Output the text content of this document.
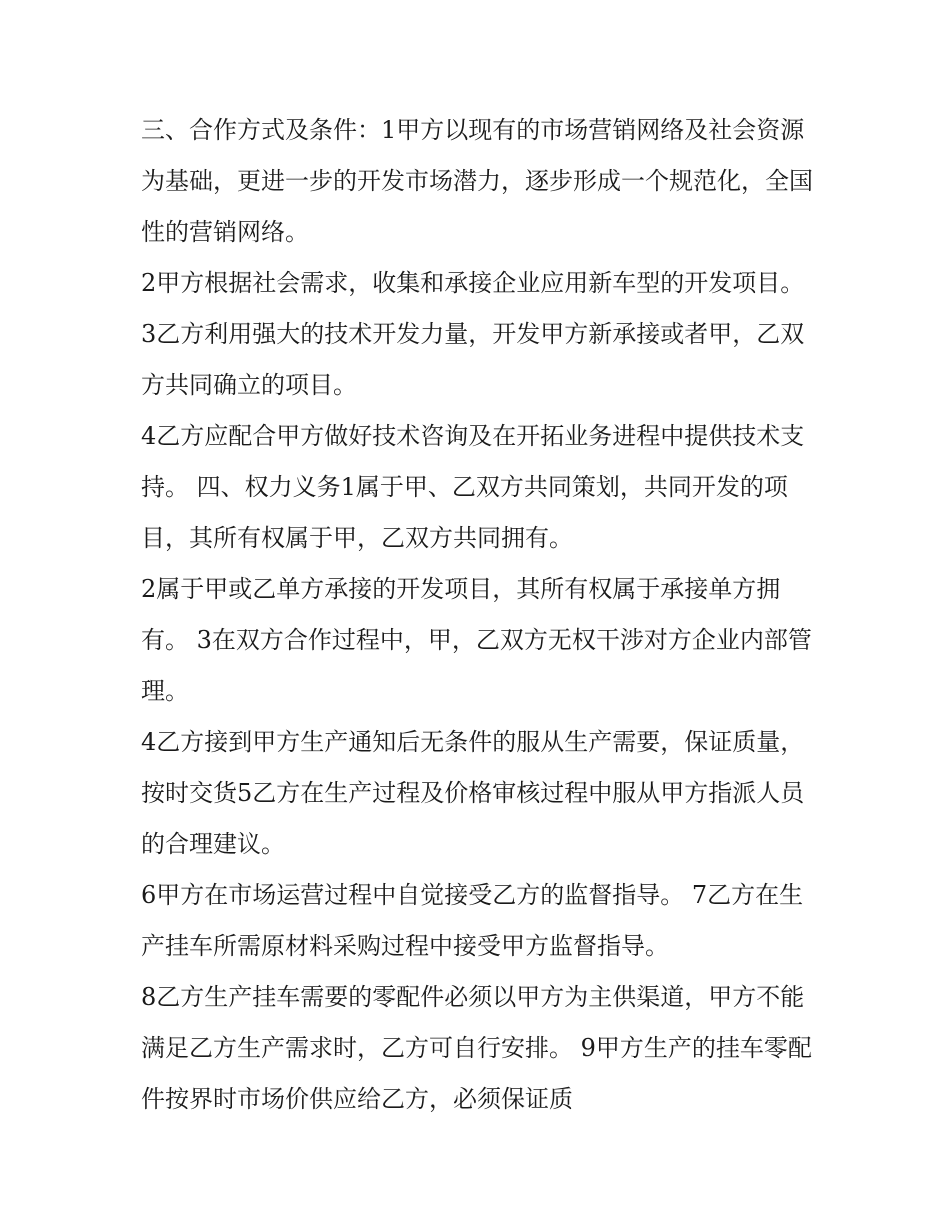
三、合作方式及条件：1甲方以现有的市场营销网络及社会资源为基础，更进一步的开发市场潜力，逐步形成一个规范化，全国性的营销网络。

2甲方根据社会需求，收集和承接企业应用新车型的开发项目。 3乙方利用强大的技术开发力量，开发甲方新承接或者甲，乙双方共同确立的项目。

4乙方应配合甲方做好技术咨询及在开拓业务进程中提供技术支持。 四、权力义务1属于甲、乙双方共同策划，共同开发的项目，其所有权属于甲，乙双方共同拥有。

2属于甲或乙单方承接的开发项目，其所有权属于承接单方拥有。 3在双方合作过程中，甲，乙双方无权干涉对方企业内部管理。

4乙方接到甲方生产通知后无条件的服从生产需要，保证质量，按时交货5乙方在生产过程及价格审核过程中服从甲方指派人员的合理建议。

6甲方在市场运营过程中自觉接受乙方的监督指导。 7乙方在生产挂车所需原材料采购过程中接受甲方监督指导。

8乙方生产挂车需要的零配件必须以甲方为主供渠道，甲方不能满足乙方生产需求时，乙方可自行安排。 9甲方生产的挂车零配件按界时市场价供应给乙方，必须保证质
